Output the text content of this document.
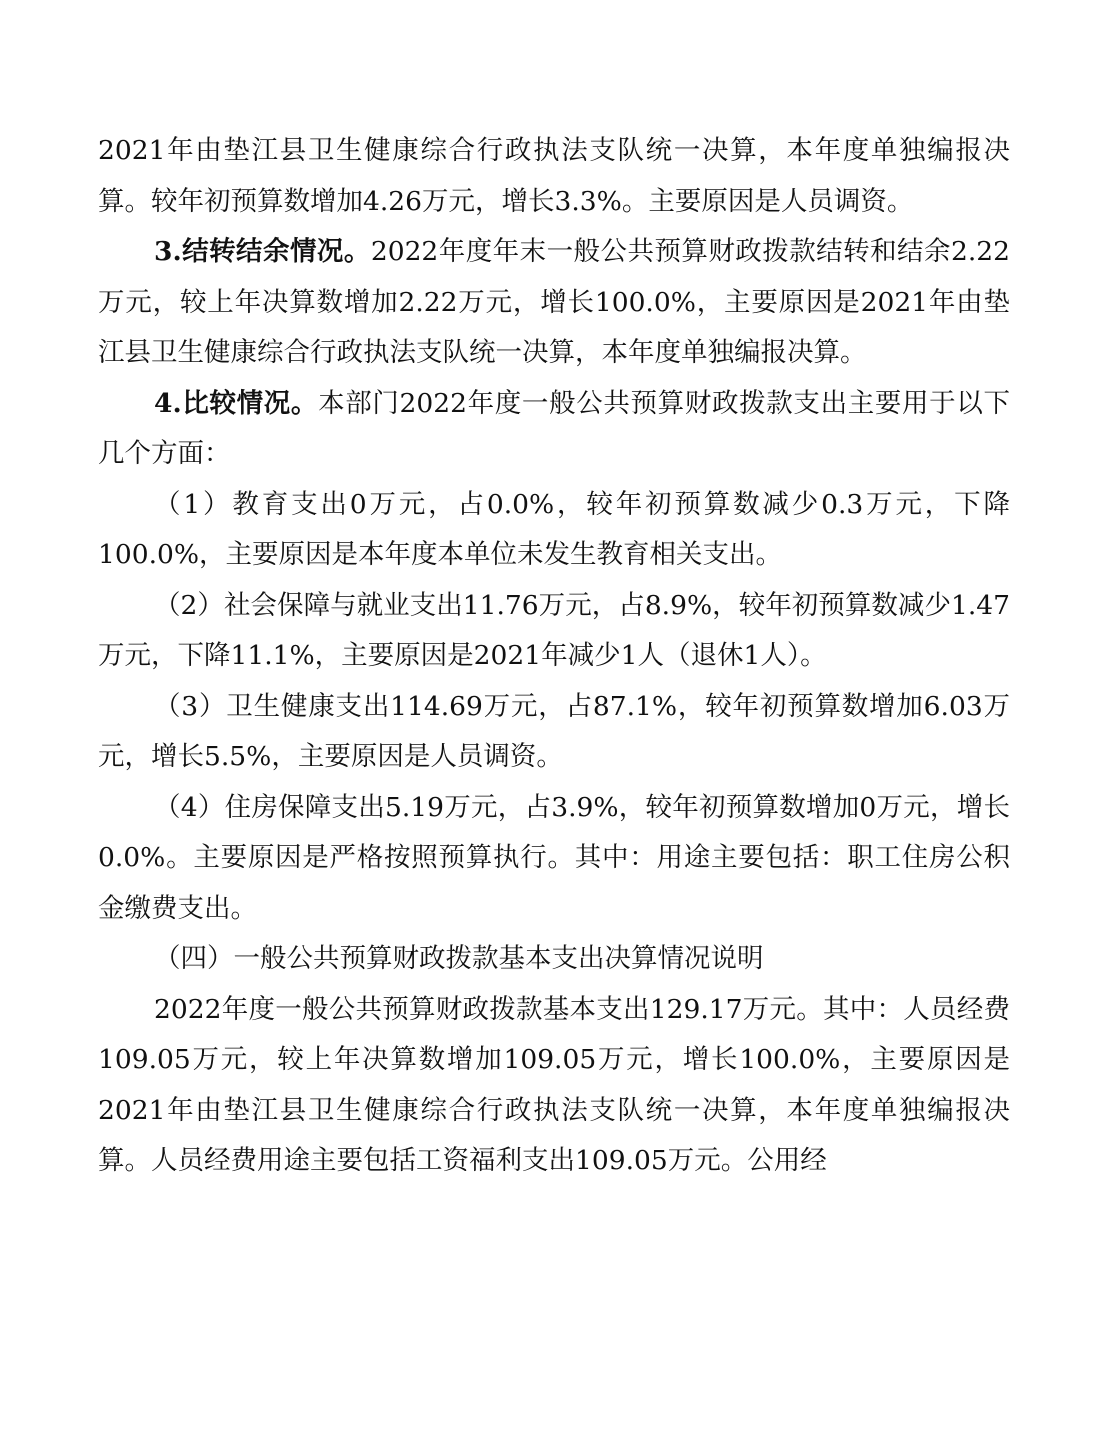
2021年由垫江县卫生健康综合行政执法支队统一决算，本年度单独编报决算。较年初预算数增加4.26万元，增长3.3%。主要原因是人员调资。

3.结转结余情况。2022年度年末一般公共预算财政拨款结转和结余2.22万元，较上年决算数增加2.22万元，增长100.0%，主要原因是2021年由垫江县卫生健康综合行政执法支队统一决算，本年度单独编报决算。

4.比较情况。本部门2022年度一般公共预算财政拨款支出主要用于以下几个方面：

（1）教育支出0万元，占0.0%，较年初预算数减少0.3万元，下降100.0%，主要原因是本年度本单位未发生教育相关支出。

（2）社会保障与就业支出11.76万元，占8.9%，较年初预算数减少1.47万元，下降11.1%，主要原因是2021年减少1人（退休1人）。

（3）卫生健康支出114.69万元，占87.1%，较年初预算数增加6.03万元，增长5.5%，主要原因是人员调资。

（4）住房保障支出5.19万元，占3.9%，较年初预算数增加0万元，增长0.0%。主要原因是严格按照预算执行。其中：用途主要包括：职工住房公积金缴费支出。

（四）一般公共预算财政拨款基本支出决算情况说明

2022年度一般公共预算财政拨款基本支出129.17万元。其中：人员经费109.05万元，较上年决算数增加109.05万元，增长100.0%，主要原因是2021年由垫江县卫生健康综合行政执法支队统一决算，本年度单独编报决算。人员经费用途主要包括工资福利支出109.05万元。公用经
